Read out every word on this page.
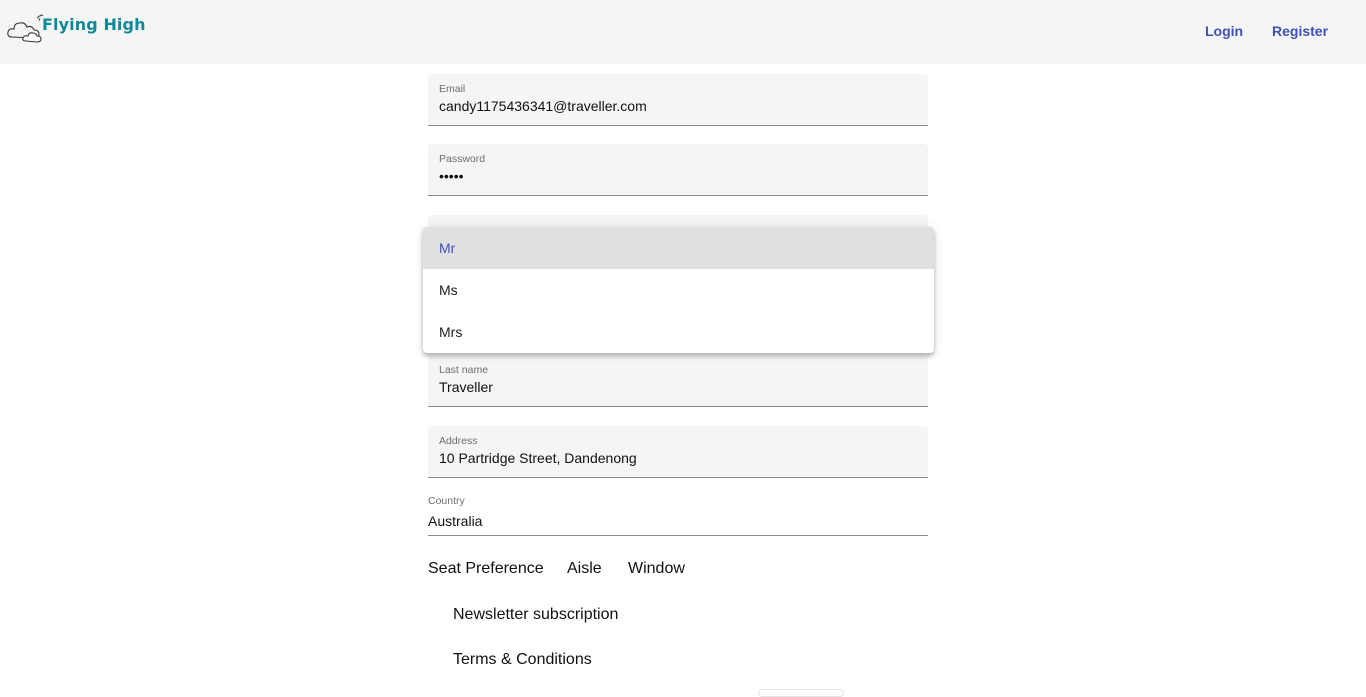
Flying High	Login Register
Email
candy1175436341@traveller.com
Password
•••••
Last name
Traveller
Address
10 Partridge Street, Dandenong
Country
Australia
Seat Preference Aisle Window
Newsletter subscription
Terms & Conditions
Mr
Ms
Mrs
